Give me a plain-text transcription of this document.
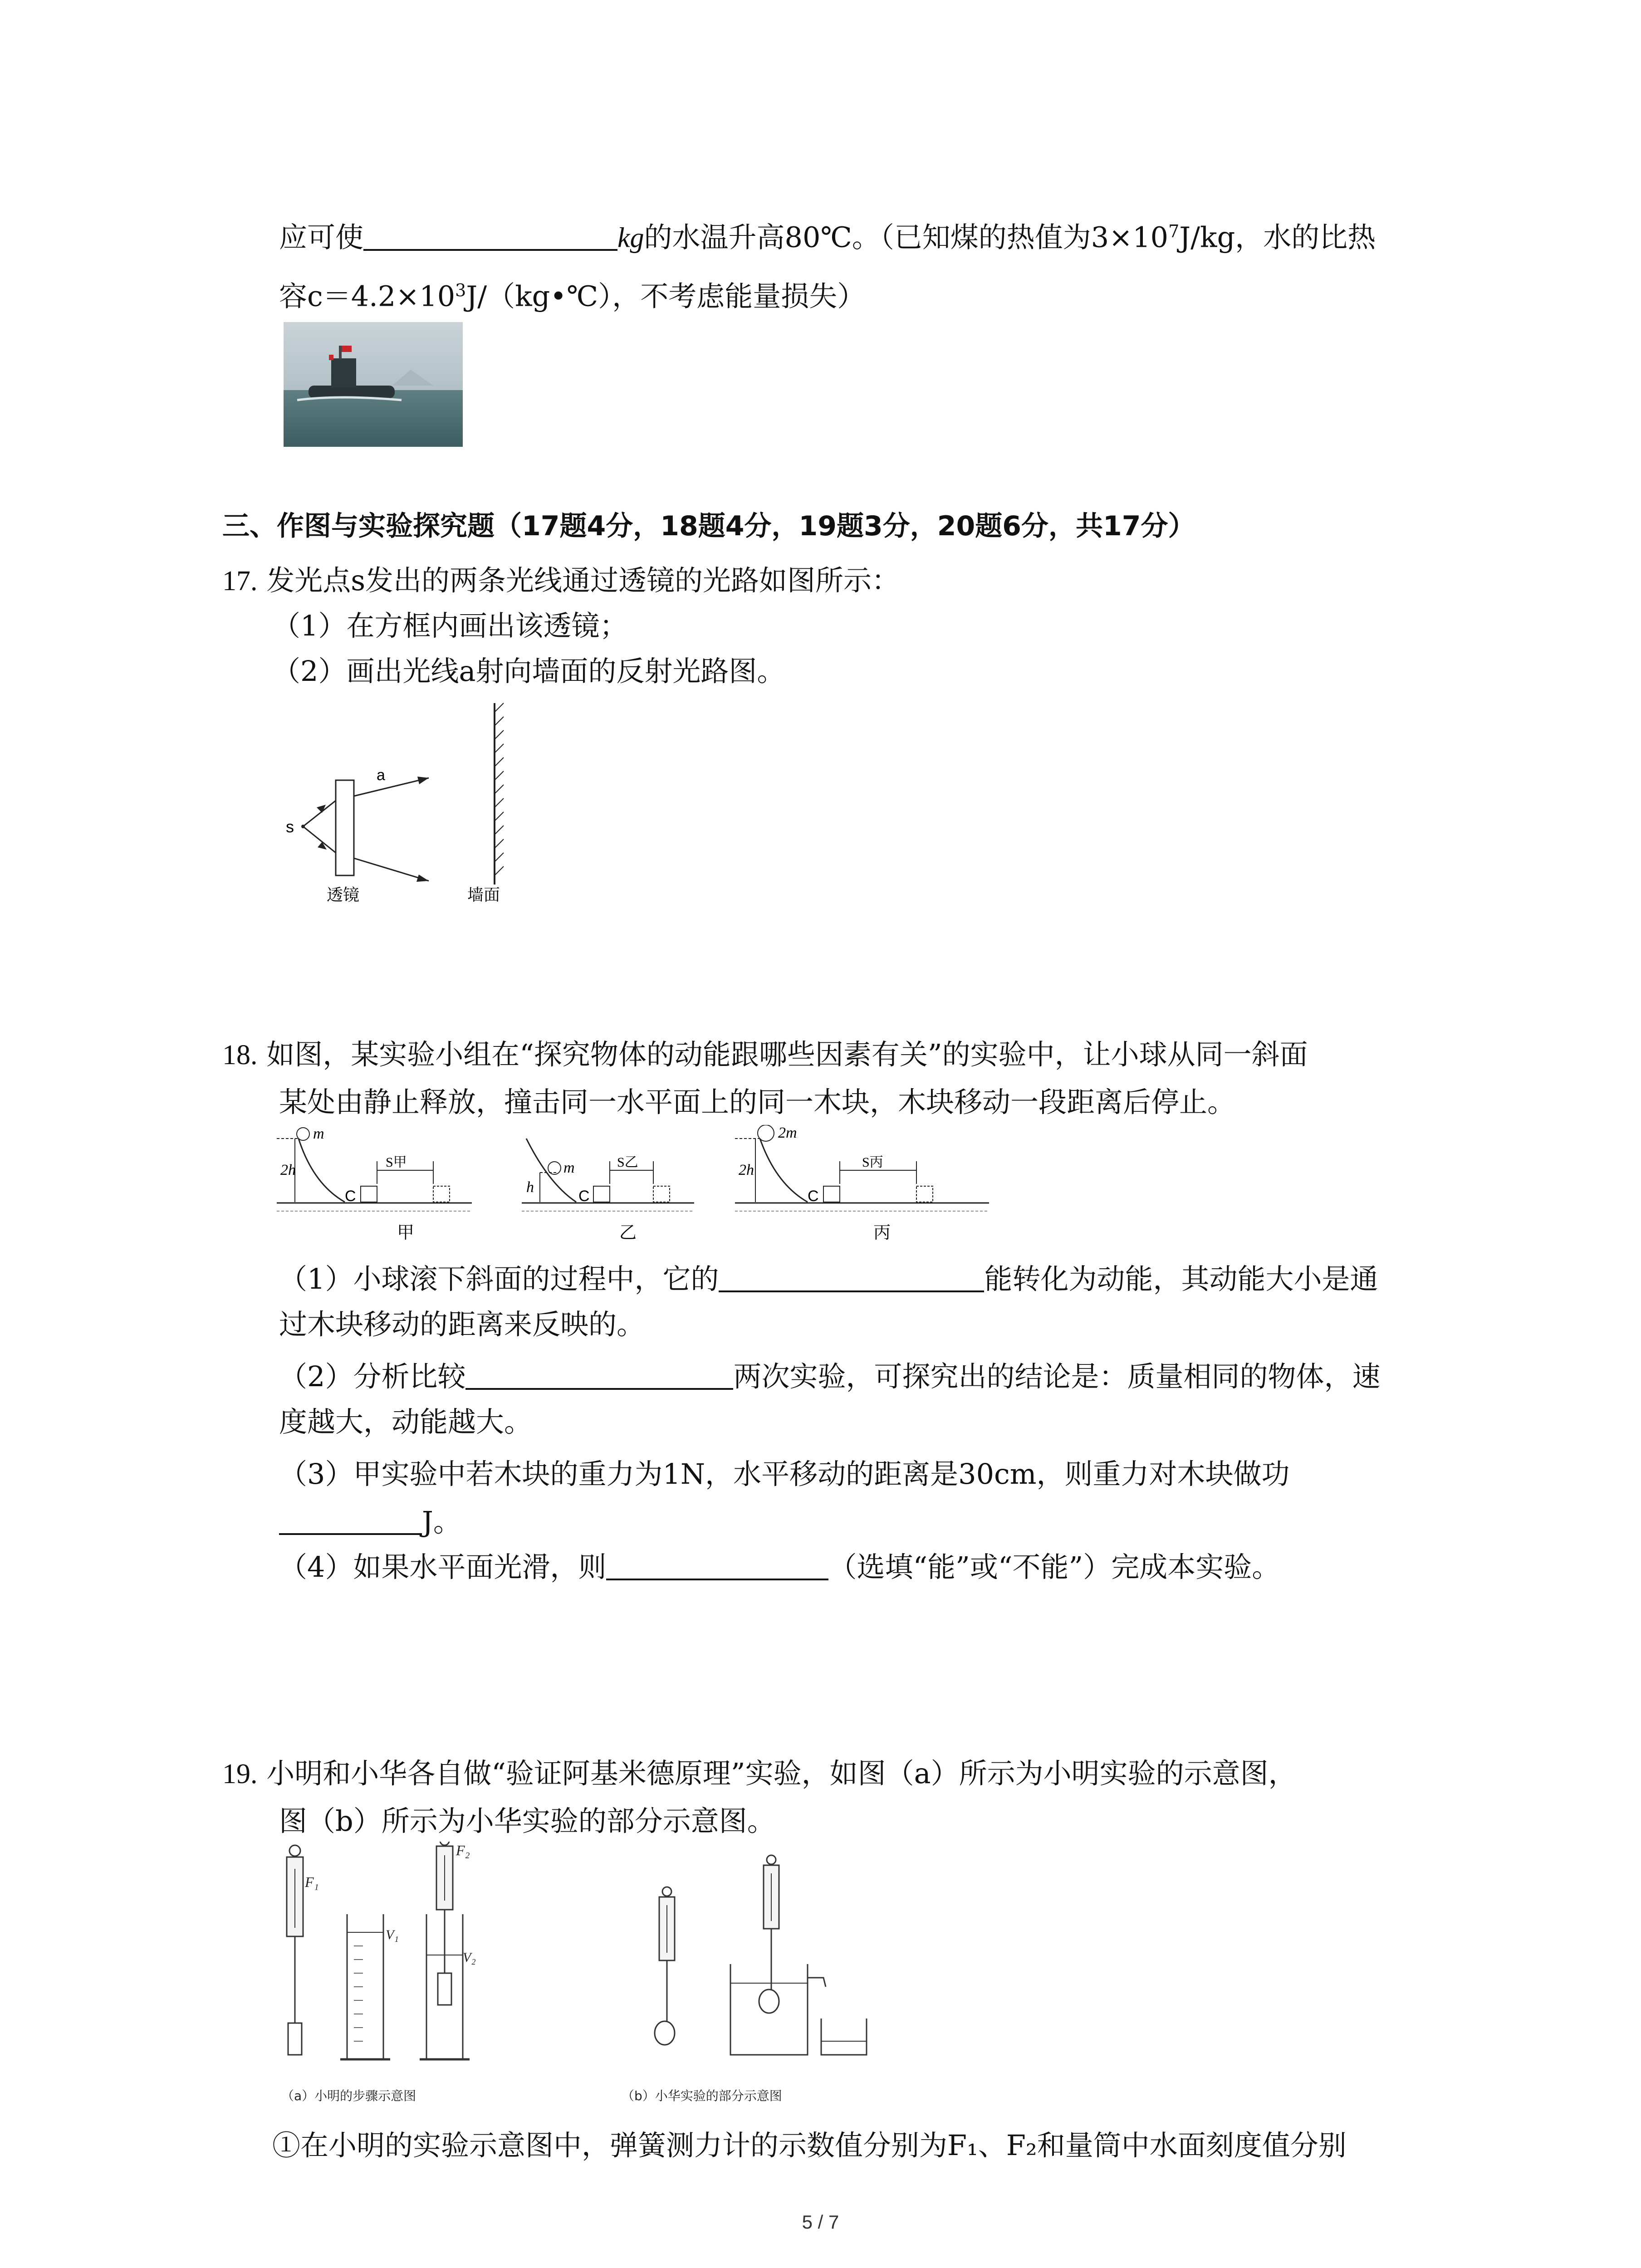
应可使	kg的水温升高80℃。（已知煤的热值为$3\times 10^7J/kg$，水的比热
容$c=4.2\times 10^3J/(kg•℃)$，不考虑能量损失）
三、作图与实验探究题（17题4分，18题4分，19题3分，20题6分，共17分）
17. 发光点s发出的两条光线通过透镜的光路如图所示：
（1）在方框内画出该透镜；
（2）画出光线a射向墙面的反射光路图。
s
a
透镜	墙面
18. 如图，某实验小组在“探究物体的动能跟哪些因素有关”的实验中，让小球从同一斜面
某处由静止释放，撞击同一水平面上的同一木块，木块移动一段距离后停止。
2h
m
C
S甲
甲
h
m
C
S乙
乙
2h
2m
C
S丙
丙
（1）小球滚下斜面的过程中，它的	能转化为动能，其动能大小是通
过木块移动的距离来反映的。
（2）分析比较	两次实验，可探究出的结论是：质量相同的物体，速
度越大，动能越大。
（3）甲实验中若木块的重力为1N，水平移动的距离是30cm，则重力对木块做功
J。
（4）如果水平面光滑，则	（选填“能”或“不能”）完成本实验。
19. 小明和小华各自做“验证阿基米德原理”实验，如图（a）所示为小明实验的示意图，
图（b）所示为小华实验的部分示意图。
F₁
V₁
F₂
V₂
（a）小明的步骤示意图	（b）小华实验的部分示意图
①在小明的实验示意图中，弹簧测力计的示数值分别为F₁、F₂和量筒中水面刻度值分别
5 / 7
